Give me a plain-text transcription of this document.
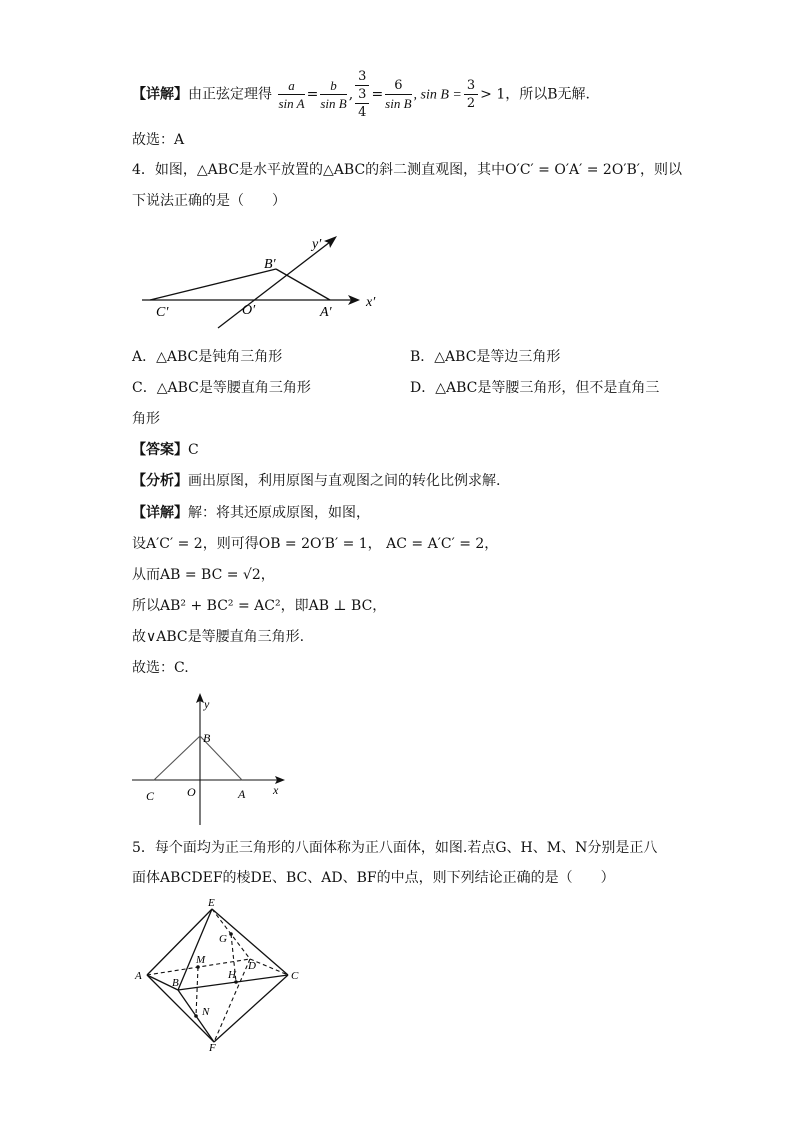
【详解】由正弦定理得 $\frac{a}{\text{sin A}} = \frac{b}{\text{sin B}}$ , $\frac{3}{\frac{3}{4}} = \frac{6}{\text{sin B}}$ , $\sin B = \frac{3}{2} > 1$，所以B无解.
故选：A
4．如图，△ABC是水平放置的△ABC的斜二测直观图，其中O′C′ = O′A′ = 2O′B′，则以
下说法正确的是（　　）
y′
x′
B′
C′	O′	A′
A．△ABC是钝角三角形	B．△ABC是等边三角形
C．△ABC是等腰直角三角形	D．△ABC是等腰三角形，但不是直角三
角形
【答案】C
【分析】画出原图，利用原图与直观图之间的转化比例求解.
【详解】解：将其还原成原图，如图，
设A′C′ = 2，则可得OB = 2O′B′ = 1， AC = A′C′ = 2，
从而AB = BC = √2，
所以AB² + BC² = AC²，即AB ⊥ BC，
故∨ABC是等腰直角三角形.
故选：C.
y
x
B
C	O	A
5．每个面均为正三角形的八面体称为正八面体，如图.若点G、H、M、N分别是正八
面体ABCDEF的棱DE、BC、AD、BF的中点，则下列结论正确的是（　　）
E
G
M	D
A	H	C
B
N
F
